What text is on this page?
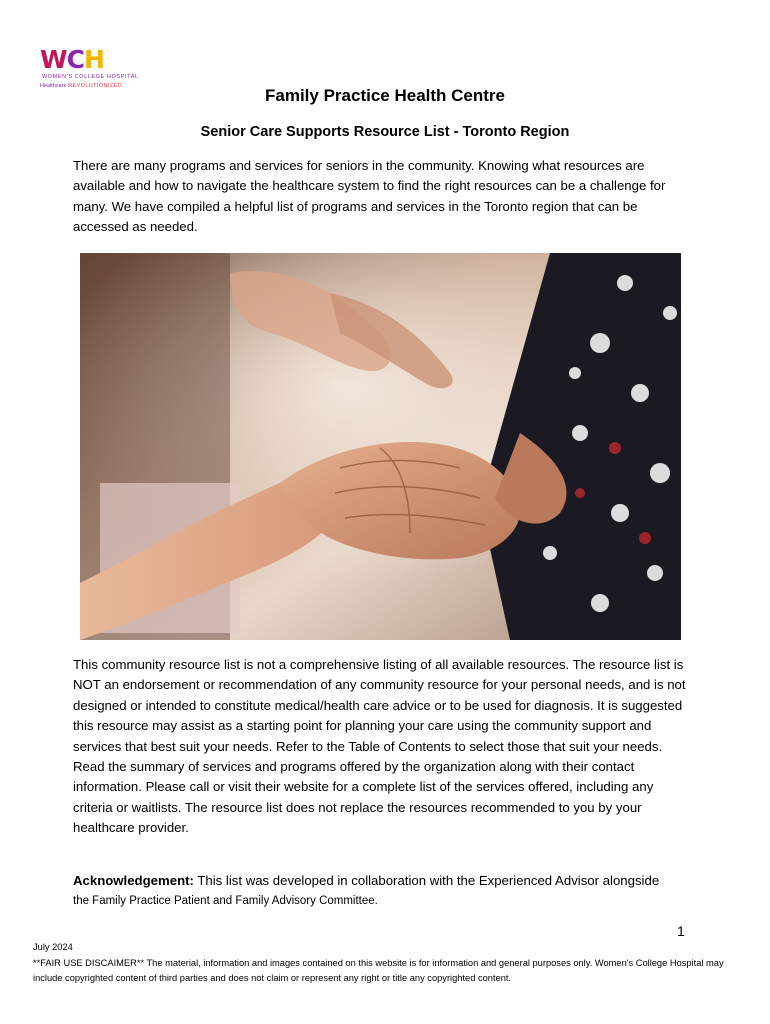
WCH
WOMEN'S COLLEGE HOSPITAL
Healthcare REVOLUTIONIZED	Family Practice Health Centre
Senior Care Supports Resource List - Toronto Region
There are many programs and services for seniors in the community. Knowing what resources are available and how to navigate the healthcare system to find the right resources can be a challenge for many. We have compiled a helpful list of programs and services in the Toronto region that can be accessed as needed.
This community resource list is not a comprehensive listing of all available resources. The resource list is NOT an endorsement or recommendation of any community resource for your personal needs, and is not designed or intended to constitute medical/health care advice or to be used for diagnosis. It is suggested this resource may assist as a starting point for planning your care using the community support and services that best suit your needs. Refer to the Table of Contents to select those that suit your needs. Read the summary of services and programs offered by the organization along with their contact information. Please call or visit their website for a complete list of the services offered, including any criteria or waitlists. The resource list does not replace the resources recommended to you by your healthcare provider.
Acknowledgement: This list was developed in collaboration with the Experienced Advisor alongside
the Family Practice Patient and Family Advisory Committee.
1
July 2024
**FAIR USE DISCAIMER** The material, information and images contained on this website is for information and general purposes only. Women's College Hospital may include copyrighted content of third parties and does not claim or represent any right or title any copyrighted content.
